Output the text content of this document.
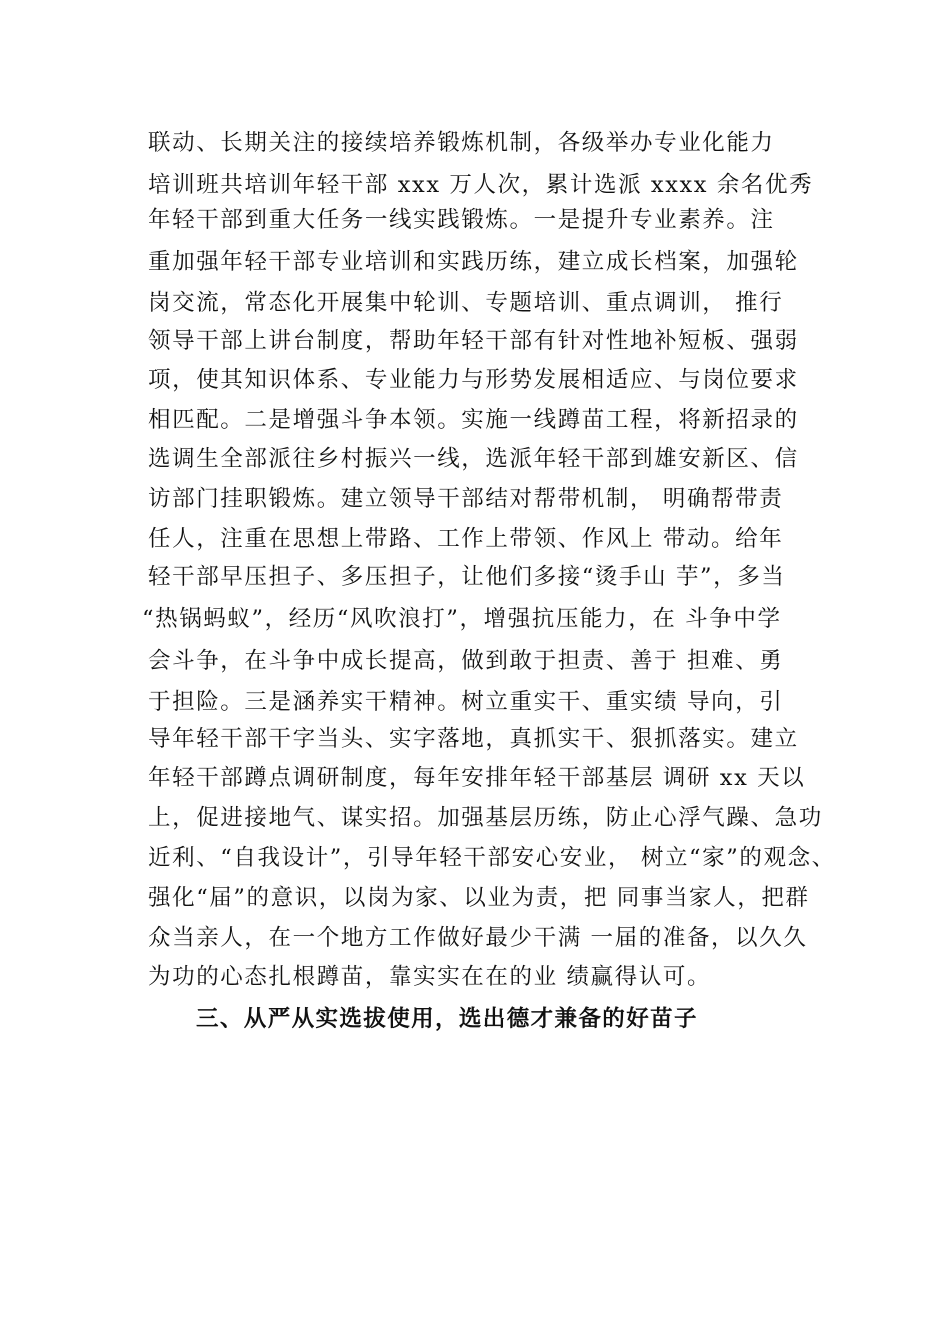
联动、长期关注的接续培养锻炼机制，各级举办专业化能力
培训班共培训年轻干部 xxx 万人次，累计选派 xxxx 余名优秀
年轻干部到重大任务一线实践锻炼。一是提升专业素养。注
重加强年轻干部专业培训和实践历练，建立成长档案，加强轮
岗交流，常态化开展集中轮训、专题培训、重点调训， 推行
领导干部上讲台制度，帮助年轻干部有针对性地补短板、强弱
项，使其知识体系、专业能力与形势发展相适应、与岗位要求
相匹配。二是增强斗争本领。实施一线蹲苗工程，将新招录的
选调生全部派往乡村振兴一线，选派年轻干部到雄安新区、信
访部门挂职锻炼。建立领导干部结对帮带机制， 明确帮带责
任人，注重在思想上带路、工作上带领、作风上 带动。给年
轻干部早压担子、多压担子，让他们多接“烫手山 芋”，多当
“热锅蚂蚁”，经历“风吹浪打”，增强抗压能力，在 斗争中学
会斗争，在斗争中成长提高，做到敢于担责、善于 担难、勇
于担险。三是涵养实干精神。树立重实干、重实绩 导向，引
导年轻干部干字当头、实字落地，真抓实干、狠抓落实。建立
年轻干部蹲点调研制度，每年安排年轻干部基层 调研 xx 天以
上，促进接地气、谋实招。加强基层历练，防止心浮气躁、急功
近利、“自我设计”，引导年轻干部安心安业， 树立“家”的观念、
强化“届”的意识，以岗为家、以业为责，把 同事当家人，把群
众当亲人，在一个地方工作做好最少干满 一届的准备，以久久
为功的心态扎根蹲苗，靠实实在在的业 绩赢得认可。
三、从严从实选拔使用，选出德才兼备的好苗子
